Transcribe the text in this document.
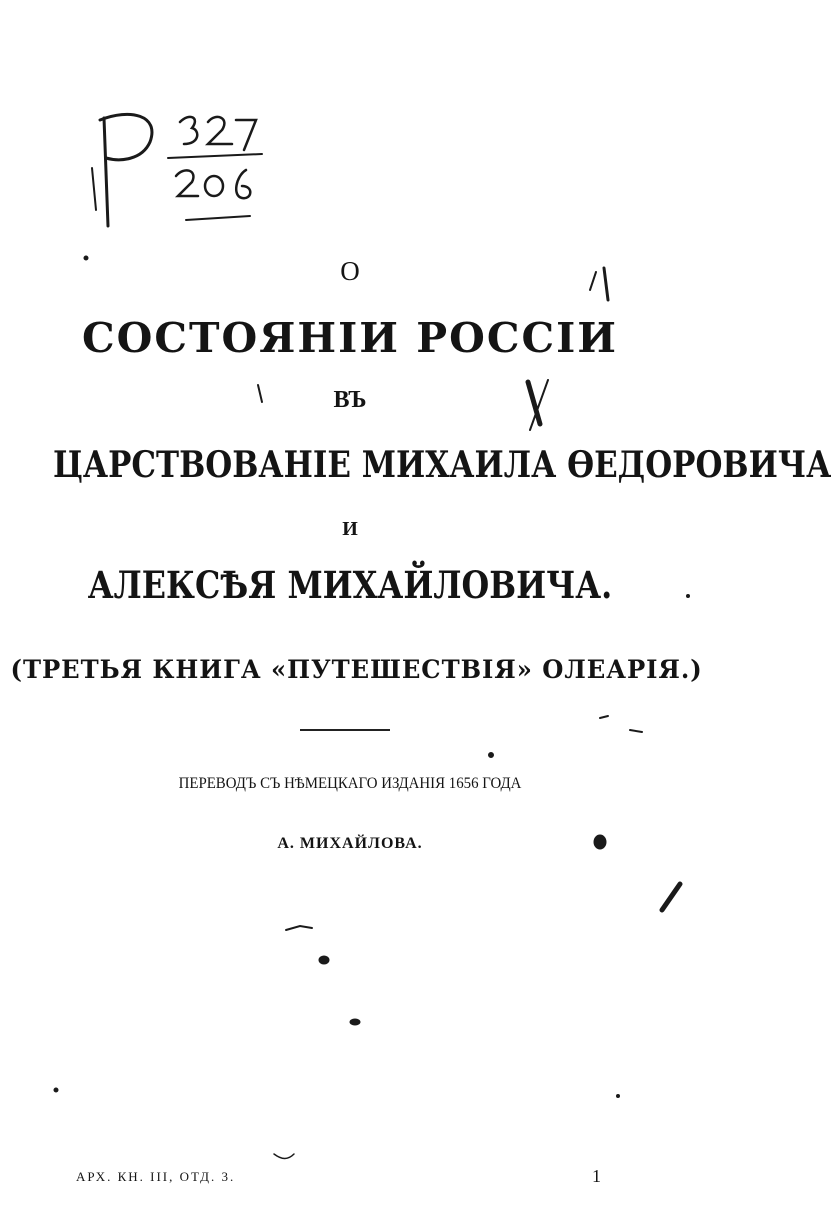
О
СОСТОЯНІИ РОССІИ
ВЪ
ЦАРСТВОВАНІЕ МИХАИЛА ѲЕДОРОВИЧА
И
АЛЕКСѢЯ МИХАЙЛОВИЧА.
(ТРЕТЬЯ КНИГА «ПУТЕШЕСТВІЯ» ОЛЕАРІЯ.)
ПЕРЕВОДЪ СЪ НѢМЕЦКАГО ИЗДАНІЯ 1656 ГОДА
А. МИХАЙЛОВА.
АРХ. КН. III, ОТД. 3.	1
